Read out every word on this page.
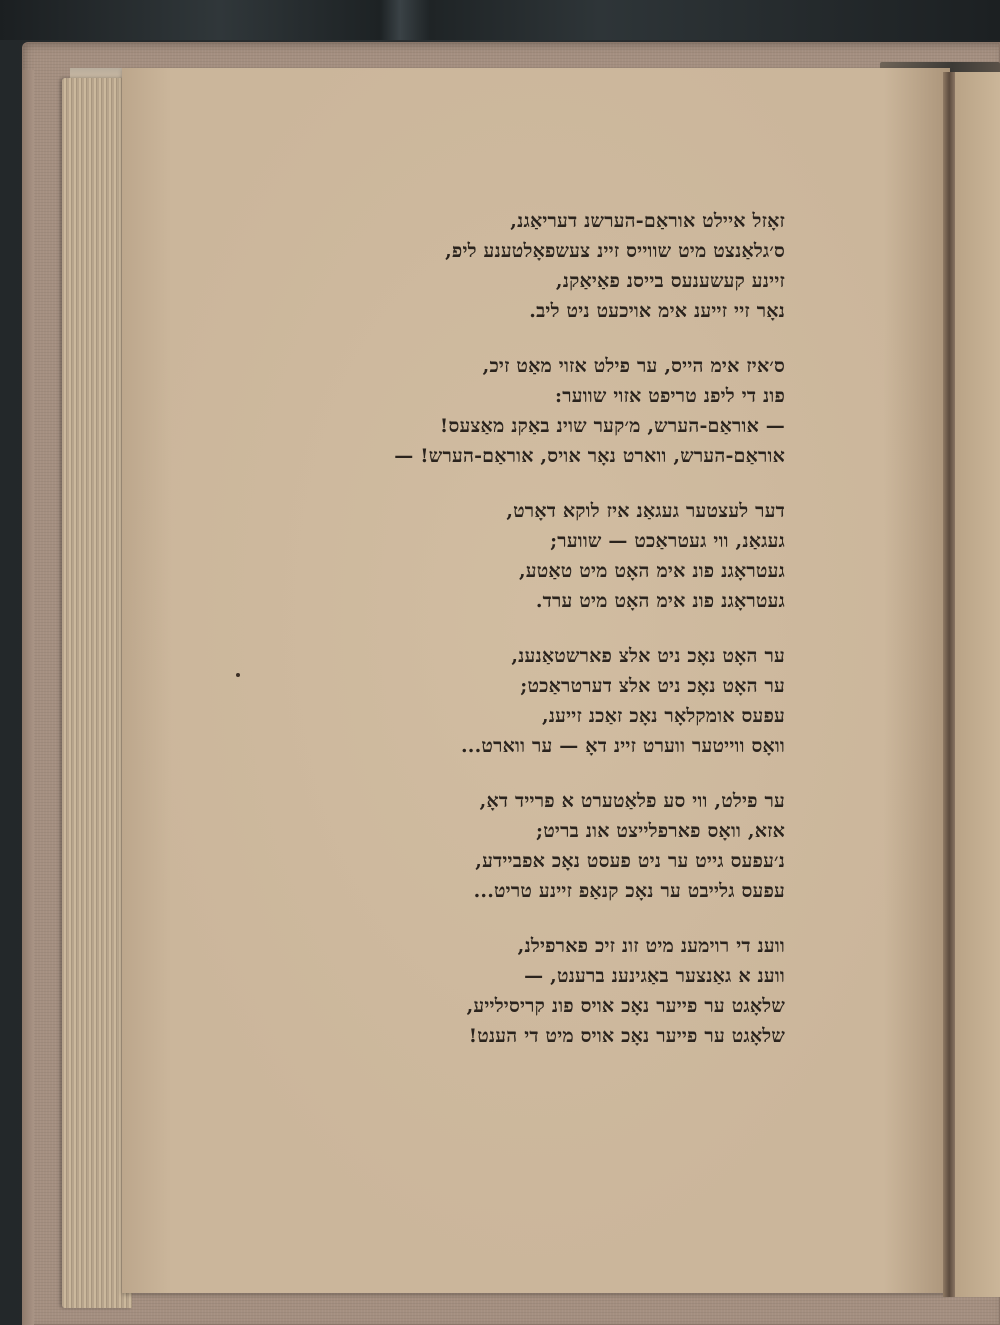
זאָזל איילט אוראַם-הערשנ דעריאַגנ,
ס׳גלאַנצט מיט שווייס זיינ צעשפאָלטענע ליפ,
זיינע קעשענעס בייסנ פאַיאַקנ,
נאָר זיי זייענ אימ אויכעט ניט ליב.
ס׳איז אימ הייס, ער פילט אזוי מאַט זיכ,
פונ די ליפנ טריפט אזוי שווער:
— אוראַם-הערש, מ׳קער שוינ באַקנ מאַצעס!
אוראַם-הערש, ווארט נאָר אויס, אוראַם-הערש! —
דער לעצטער געגאַנ איז לוקא דאָרט,
געגאַנ, ווי געטראַכט — שווער;
געטראָגנ פונ אימ האָט מיט טאַטע,
געטראָגנ פונ אימ האָט מיט ערד.
ער האָט נאָכ ניט אלצ פארשטאַנענ,
ער האָט נאָכ ניט אלצ דערטראַכט;
עפעס אומקלאָר נאָכ זאַכנ זייענ,
וואָס ווייטער ווערט זיינ דאָ — ער ווארט...
ער פילט, ווי סע פלאַטערט א פרייד דאָ,
אזא, וואָס פארפלייצט אונ בריט;
נ׳עפעס גייט ער ניט פעסט נאָכ אפביידע,
עפעס גלייבט ער נאָכ קנאַפ זיינע טריט...
ווענ די רוימענ מיט זונ זיכ פארפילנ,
ווענ א גאַנצער באַגינענ ברענט, —
שלאָגט ער פייער נאָכ אויס פונ קריסילייע,
שלאָגט ער פייער נאָכ אויס מיט די הענט!
